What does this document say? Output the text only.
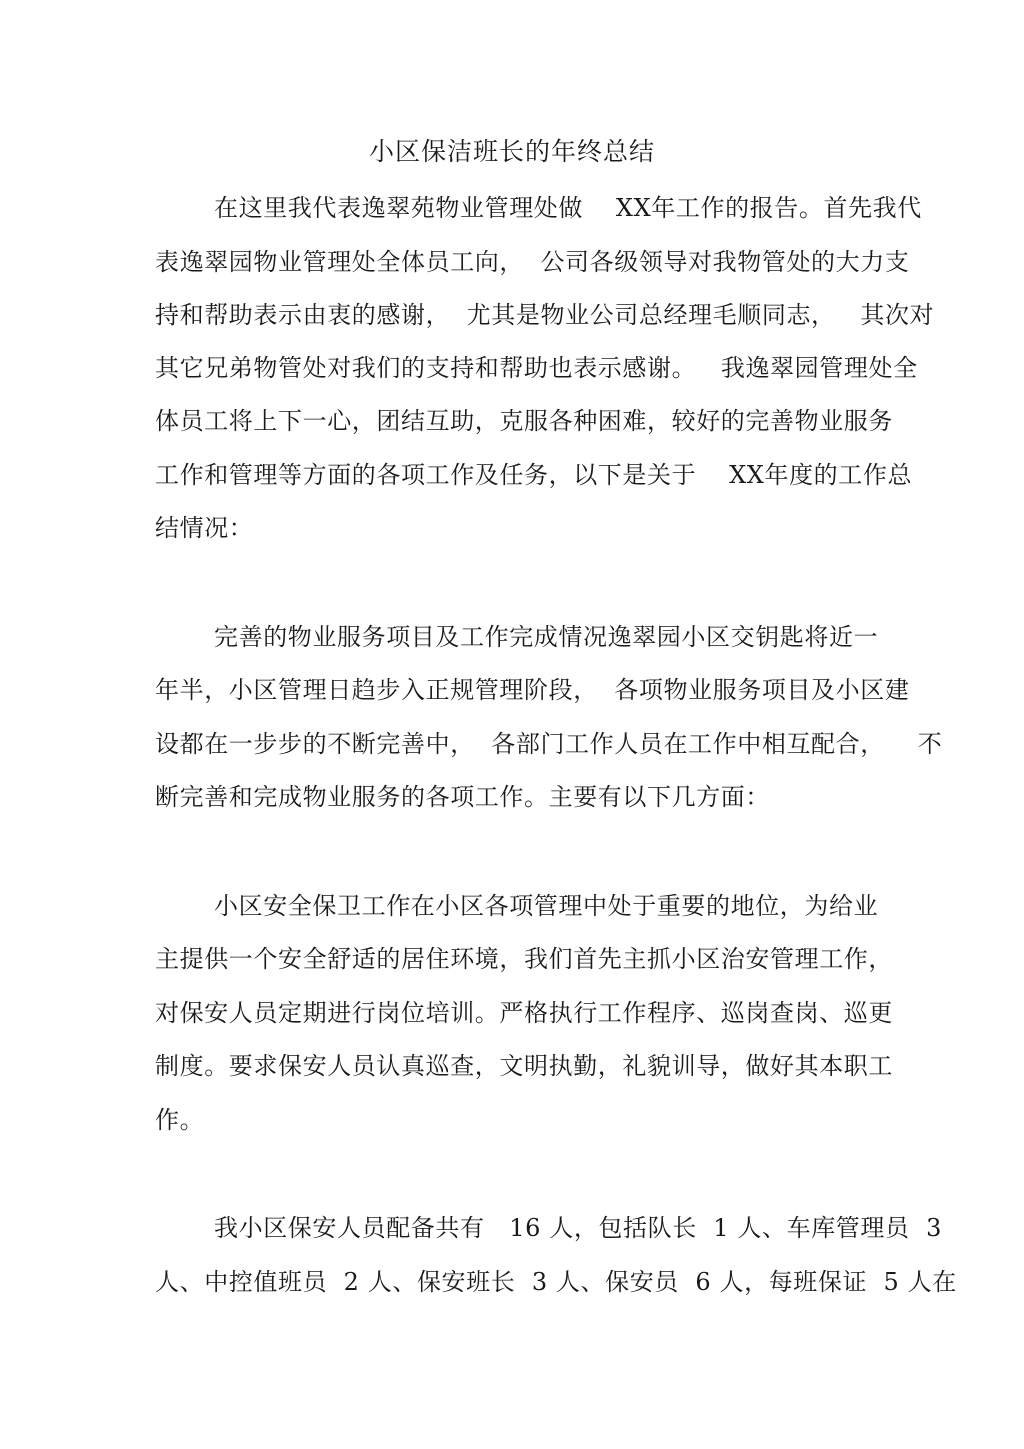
小区保洁班长的年终总结

在这里我代表逸翠苑物业管理处做    XX年工作的报告。首先我代

表逸翠园物业管理处全体员工向，  公司各级领导对我物管处的大力支

持和帮助表示由衷的感谢，  尤其是物业公司总经理毛顺同志，   其次对

其它兄弟物管处对我们的支持和帮助也表示感谢。   我逸翠园管理处全

体员工将上下一心，团结互助，克服各种困难，较好的完善物业服务

工作和管理等方面的各项工作及任务，以下是关于    XX年度的工作总

结情况：

完善的物业服务项目及工作完成情况逸翠园小区交钥匙将近一

年半，小区管理日趋步入正规管理阶段，  各项物业服务项目及小区建

设都在一步步的不断完善中，  各部门工作人员在工作中相互配合，    不

断完善和完成物业服务的各项工作。主要有以下几方面：

小区安全保卫工作在小区各项管理中处于重要的地位，为给业

主提供一个安全舒适的居住环境，我们首先主抓小区治安管理工作，

对保安人员定期进行岗位培训。严格执行工作程序、巡岗查岗、巡更

制度。要求保安人员认真巡查，文明执勤，礼貌训导，做好其本职工

作。

我小区保安人员配备共有   16 人，包括队长  1 人、车库管理员  3

人、中控值班员  2 人、保安班长  3 人、保安员  6 人，每班保证  5 人在
